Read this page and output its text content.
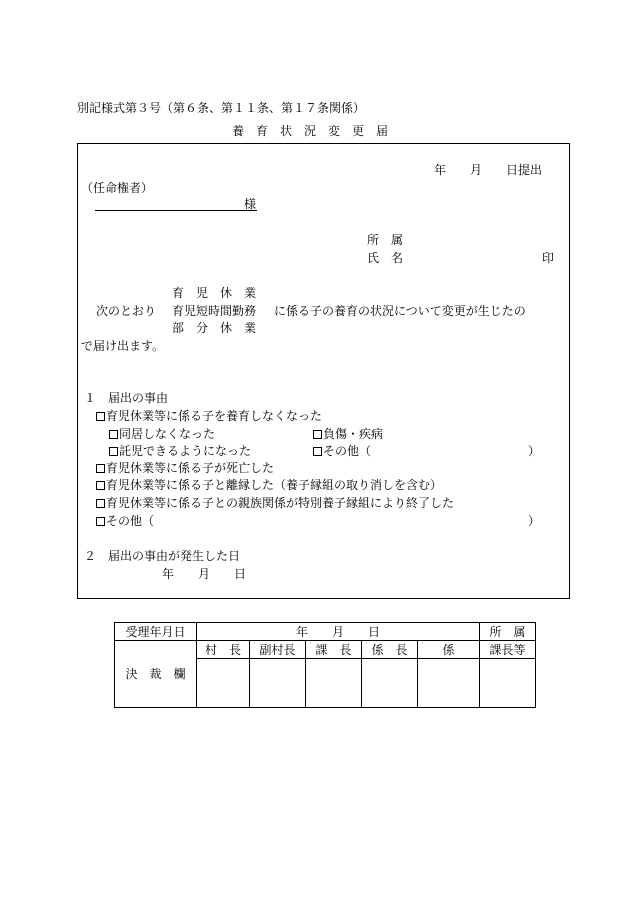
別記様式第３号（第６条、第１１条、第１７条関係）
養　育　状　況　変　更　届
年　　月　　日提出
（任命権者）
様
所　属
氏　名	印
育　児　休　業
次のとおり 育児短時間勤務 に係る子の養育の状況について変更が生じたの
部　分　休　業
で届け出ます。
１　届出の事由
育児休業等に係る子を養育しなくなった
同居しなくなった	負傷・疾病
託児できるようになった	その他（	）
育児休業等に係る子が死亡した
育児休業等に係る子と離縁した（養子縁組の取り消しを含む）
育児休業等に係る子との親族関係が特別養子縁組により終了した
その他（	）
２　届出の事由が発生した日
年　　月　　日
受理年月日	年　　月　　日					所　属
決　裁　欄	村　長	副村長	課　長	係　長	係	課長等
